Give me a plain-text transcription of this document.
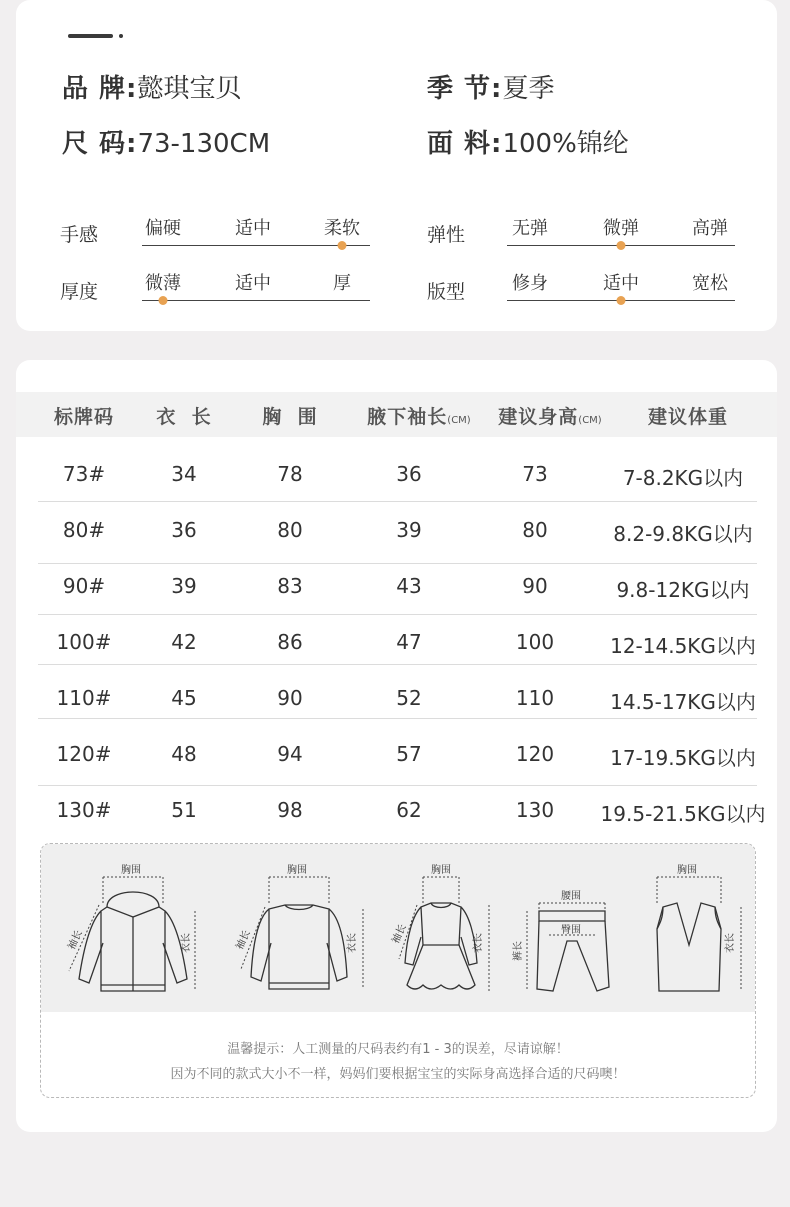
品 牌:懿琪宝贝	季 节:夏季
尺 码:73-130CM	面 料:100%锦纶
手感	偏硬	适中	柔软	弹性	无弹	微弹	高弹
厚度	微薄	适中	厚	版型	修身	适中	宽松
标牌码 衣  长	胸  围	腋下袖长(CM) 建议身高(CM) 建议体重
73#	34	78	36	73	7-8.2KG以内
80#	36	80	39	80	8.2-9.8KG以内
90#	39	83	43	90	9.8-12KG以内
100#	42	86	47	100	12-14.5KG以内
110#	45	90	52	110	14.5-17KG以内
120#	48	94	57	120	17-19.5KG以内
130#	51	98	62	130 19.5-21.5KG以内
胸围
衣长
袖长
胸围
衣长
袖长
胸围
衣长
袖长
腰围
臀围
裤长
胸围
衣长
温馨提示：人工测量的尺码表约有1 - 3的误差，尽请谅解！
因为不同的款式大小不一样，妈妈们要根据宝宝的实际身高选择合适的尺码噢！
